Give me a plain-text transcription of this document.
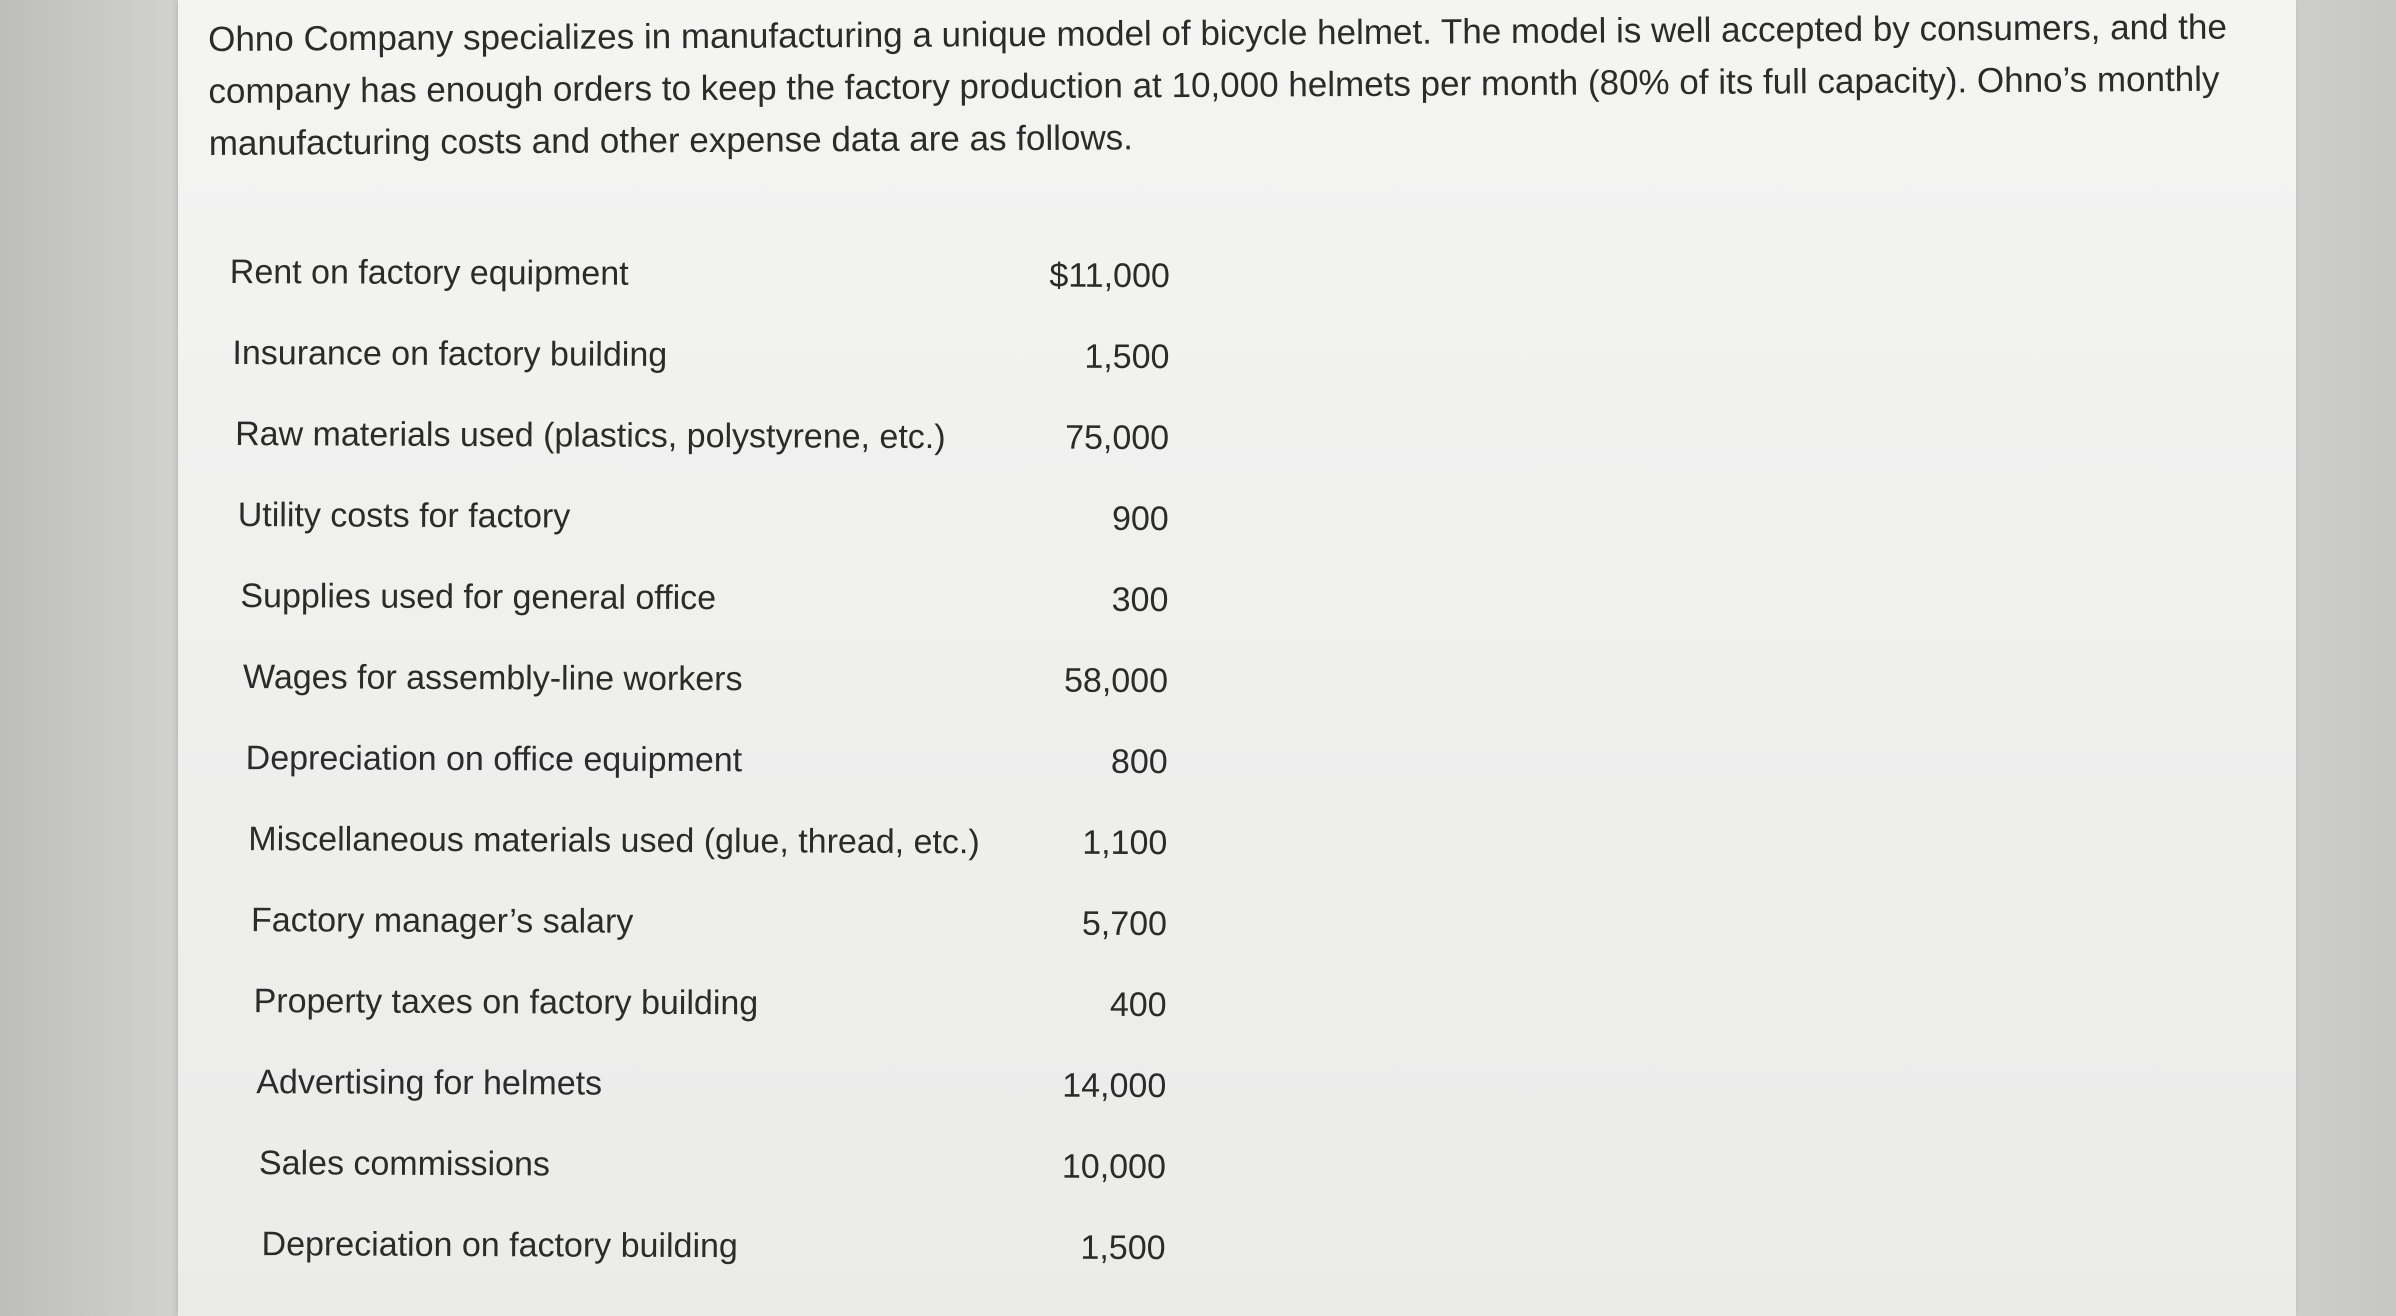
Ohno Company specializes in manufacturing a unique model of bicycle helmet. The model is well accepted by consumers, and the company has enough orders to keep the factory production at 10,000 helmets per month (80% of its full capacity). Ohno’s monthly manufacturing costs and other expense data are as follows.

Rent on factory equipment	$11,000
Insurance on factory building	1,500
Raw materials used (plastics, polystyrene, etc.)	75,000
Utility costs for factory	900
Supplies used for general office	300
Wages for assembly-line workers	58,000
Depreciation on office equipment	800
Miscellaneous materials used (glue, thread, etc.)	1,100
Factory manager’s salary	5,700
Property taxes on factory building	400
Advertising for helmets	14,000
Sales commissions	10,000
Depreciation on factory building	1,500
